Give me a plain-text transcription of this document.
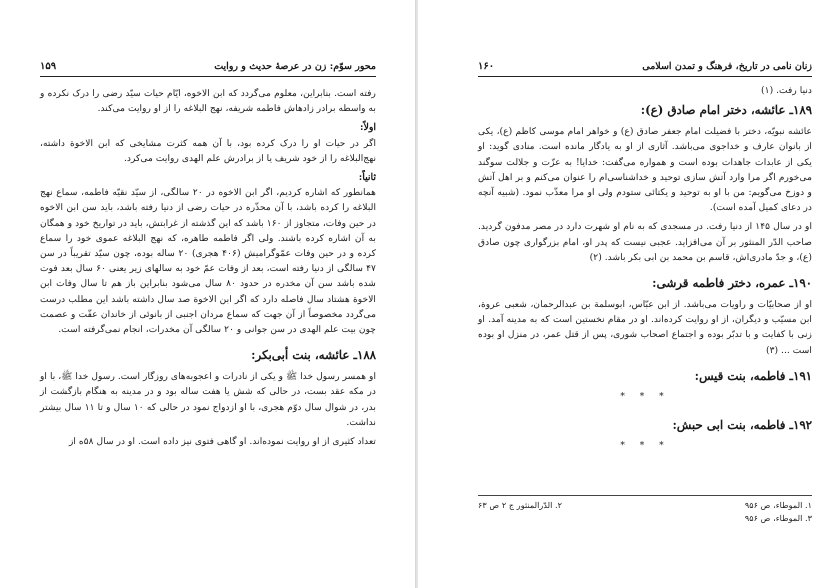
محور سوّم: زن در عرصهٔ حدیث و روایت
۱۵۹

رفته است. بنابراین، معلوم می‌گردد که ابن الاخوه، ایّام حیات سیّد رضی را درک نکرده و به واسطه برادر زادهاش فاطمه شریفه، نهج البلاغه را از او روایت می‌کند.

اولاً:

اگر در حیات او را درک کرده بود، با آن همه کثرت مشایخی که ابن الاخوة داشته، نهج‌البلاغه را از خود شریف یا از برادرش علم الهدی روایت می‌کرد.

ثانیاً:

همانطور که اشاره کردیم، اگر ابن الاخوه در ۲۰ سالگی، از سیّد نقیّه فاطمه، سماع نهج البلاغه را کرده باشد، با آن محذّره در حیات رضی از دنیا رفته باشد، باید سن ابن الاخوه در حین وفات، متجاوز از ۱۶۰ باشد که این گذشته از غرابتش، باید در تواریخ خود و همگان به آن اشاره کرده باشند. ولی اگر فاطمه طاهره، که نهج البلاغه عموی خود را سماع کرده و در حین وفات عمّوگرامیش (۴۰۶ هجری) ۲۰ ساله بوده، چون سیّد تقریباً در سن ۴۷ سالگی از دنیا رفته است، بعد از وفات عمّ خود به سالهای زیر یعنی ۶۰ سال بعد فوت شده باشد سن آن مخدره در حدود ۸۰ سال می‌شود بنابراین باز هم تا سال وفات ابن الاخوة هشتاد سال فاصله دارد که اگر ابن الاخوة صد سال داشته باشد این مطلب درست می‌گردد مخصوصاً از آن جهت که سماع مردان اجنبی از بانوئی از خاندان عفّت و عصمت چون بیت علم الهدی در سن جوانی و ۲۰ سالگی آن مخدرات، انجام نمی‌گرفته است.

۱۸۸ـ عائشه، بنت أبی‌بکر:

او همسر رسول خدا ﷺ و یکی از نادرات و اعجوبه‌های روزگار است. رسول خدا ﷺ، با او در مکه عقد بست، در حالی که شش یا هفت ساله بود و در مدینه به هنگام بازگشت از بدر، در شوال سال دوّم هجری، با او ازدواج نمود در حالی که ۱۰ سال و تا ۱۱ سال بیشتر نداشت.

تعداد کثیری از او روایت نموده‌اند. او گاهی فتوی نیز داده است. او در سال ۵۸ه از

زنان نامی در تاریخ، فرهنگ و تمدن اسلامی
۱۶۰

دنیا رفت. (۱)

۱۸۹ـ عائشه، دختر امام صادق (ع):

عائشه نبویّه، دختر با فضیلت امام جعفر صادق (ع) و خواهر امام موسی کاظم (ع)، یکی از بانوان عارف و خداجوی می‌باشد. آثاری از او به یادگار مانده است. منادی گوید: او یکی از عابدات جاهدات بوده است و همواره می‌گفت: خدایا! به عزّت و جلالت سوگند می‌خورم اگر مرا وارد آتش سازی توحید و خداشناسی‌ام را عنوان می‌کنم و بر اهل آتش و دوزخ می‌گویم: من با او به توحید و یکتائی ستودم ولی او مرا معذّب نمود. (شبیه آنچه در دعای کمیل آمده است).

او در سال ۱۴۵ از دنیا رفت. در مسجدی که به نام او شهرت دارد در مصر مدفون گردید. صاحب الدّر المنثور بر آن می‌افزاید. عجبی نیست که پدر او، امام بزرگواری چون صادق (ع)، و جدّ مادری‌اش، قاسم بن محمد بن ابی بکر باشد. (۲)

۱۹۰ـ عمره، دختر فاطمه قرشی:

او از صحابیّات و راویات می‌باشد. از ابن عبّاس، ابوسلمة بن عبدالرحمان، شعبی عروة، ابن مسیّب و دیگران، از او روایت کرده‌اند. او در مقام نخستین است که به مدینه آمد. او زنی با کفایت و با تدبّر بوده و اجتماع اصحاب شوری، پس از قتل عمر، در منزل او بوده است ... (۳)

۱۹۱ـ فاطمه، بنت قیس:
* * *
۱۹۲ـ فاطمه، بنت ابی حبش:
* * *
۱. الموطاء، ص ۹۵۶
۲. الدّرالمنثور ج ۲ ص ۶۳
۳. الموطاء، ص ۹۵۶
